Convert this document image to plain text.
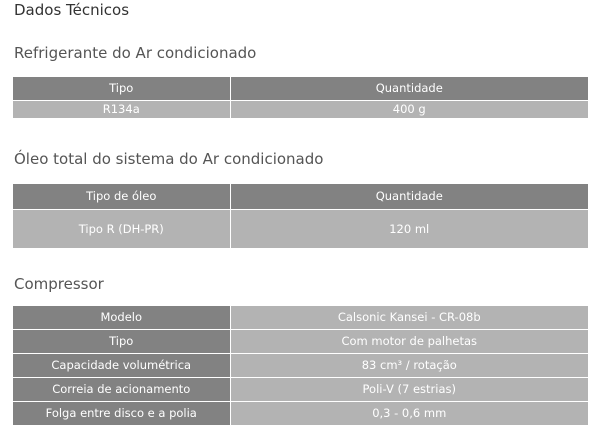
Dados Técnicos
Refrigerante do Ar condicionado
Tipo	Quantidade
R134a	400 g
Óleo total do sistema do Ar condicionado
Tipo de óleo	Quantidade
Tipo R (DH-PR)	120 ml
Compressor
Modelo	Calsonic Kansei - CR-08b
Tipo	Com motor de palhetas
Capacidade volumétrica	83 cm³ / rotação
Correia de acionamento	Poli-V (7 estrias)
Folga entre disco e a polia	0,3 - 0,6 mm
